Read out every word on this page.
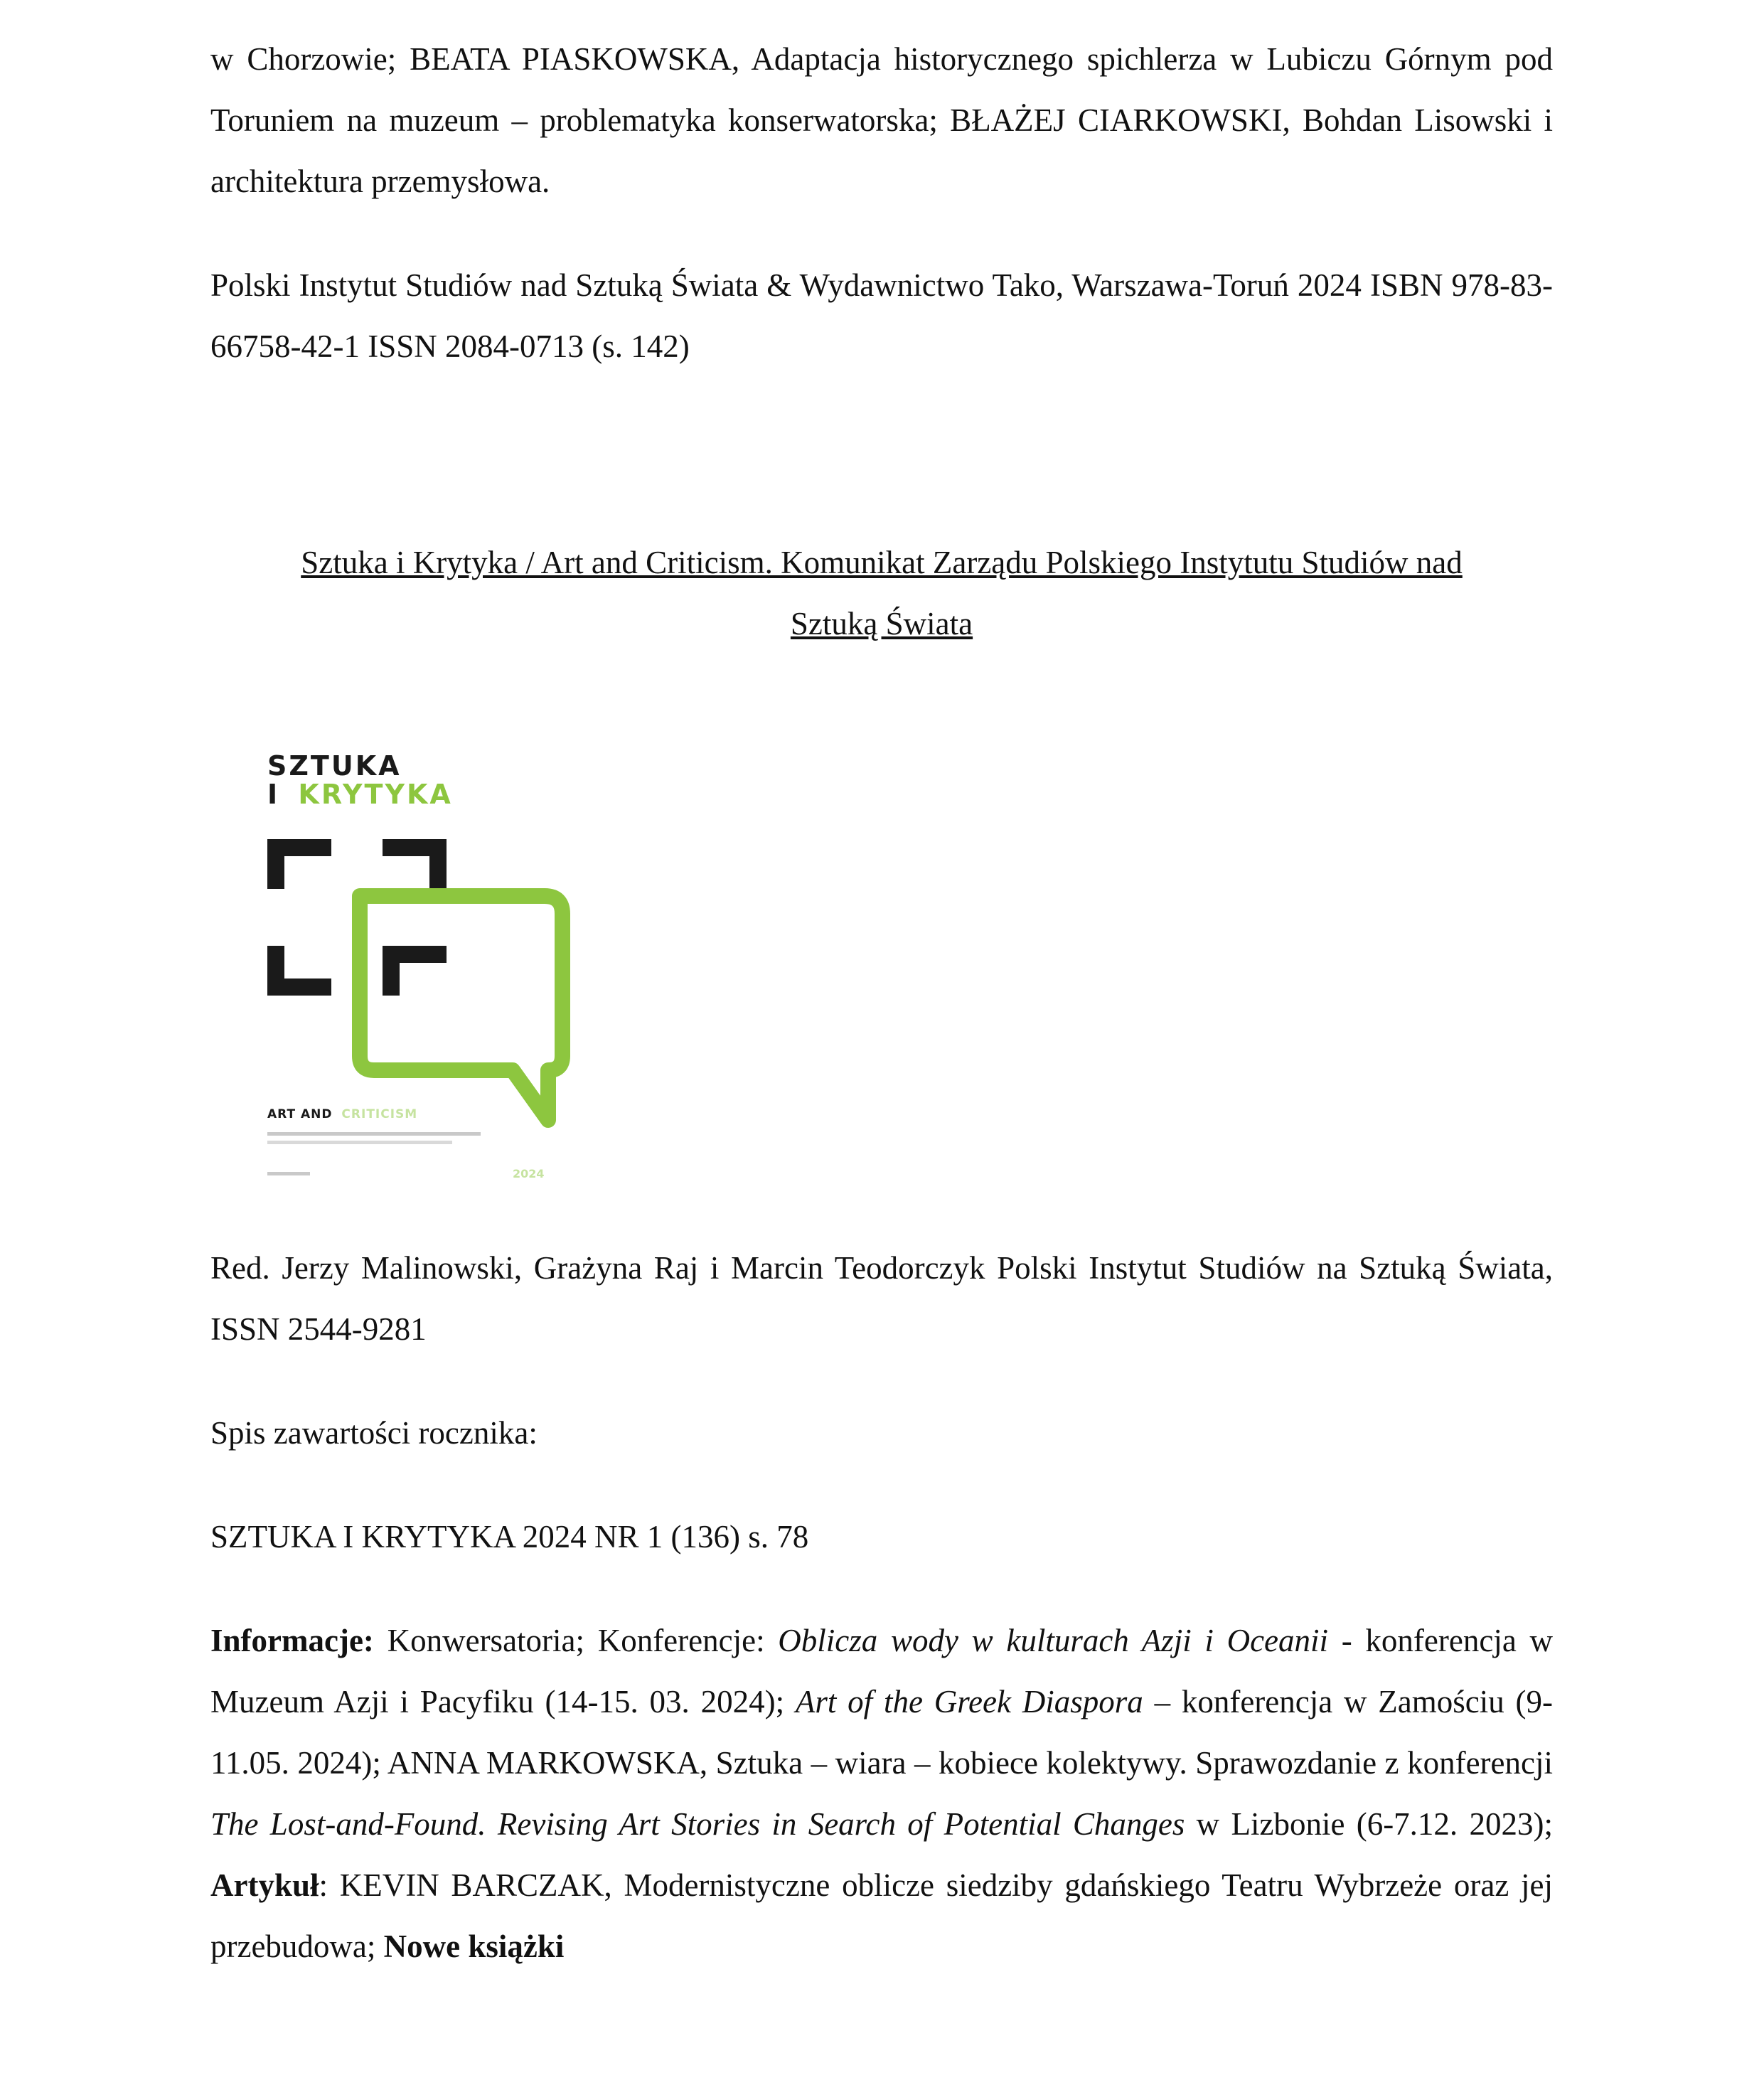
w Chorzowie; BEATA PIASKOWSKA, Adaptacja historycznego spichlerza w Lubiczu Górnym pod Toruniem na muzeum – problematyka konserwatorska; BŁAŻEJ CIARKOWSKI, Bohdan Lisowski i architektura przemysłowa.
Polski Instytut Studiów nad Sztuką Świata & Wydawnictwo Tako, Warszawa-Toruń 2024 ISBN 978-83-66758-42-1 ISSN 2084-0713 (s. 142)
Sztuka i Krytyka / Art and Criticism. Komunikat Zarządu Polskiego Instytutu Studiów nad
Sztuką Świata
SZTUKA
I KRYTYKA
ART AND CRITICISM
2024
Red. Jerzy Malinowski, Grażyna Raj i Marcin Teodorczyk Polski Instytut Studiów na Sztuką Świata, ISSN 2544-9281
Spis zawartości rocznika:
SZTUKA I KRYTYKA 2024 NR 1 (136) s. 78
Informacje: Konwersatoria; Konferencje: Oblicza wody w kulturach Azji i Oceanii - konferencja w Muzeum Azji i Pacyfiku (14-15. 03. 2024); Art of the Greek Diaspora – konferencja w Zamościu (9-11.05. 2024); ANNA MARKOWSKA, Sztuka – wiara – kobiece kolektywy. Sprawozdanie z konferencji The Lost-and-Found. Revising Art Stories in Search of Potential Changes w Lizbonie (6-7.12. 2023); Artykuł: KEVIN BARCZAK, Modernistyczne oblicze siedziby gdańskiego Teatru Wybrzeże oraz jej przebudowa; Nowe książki
